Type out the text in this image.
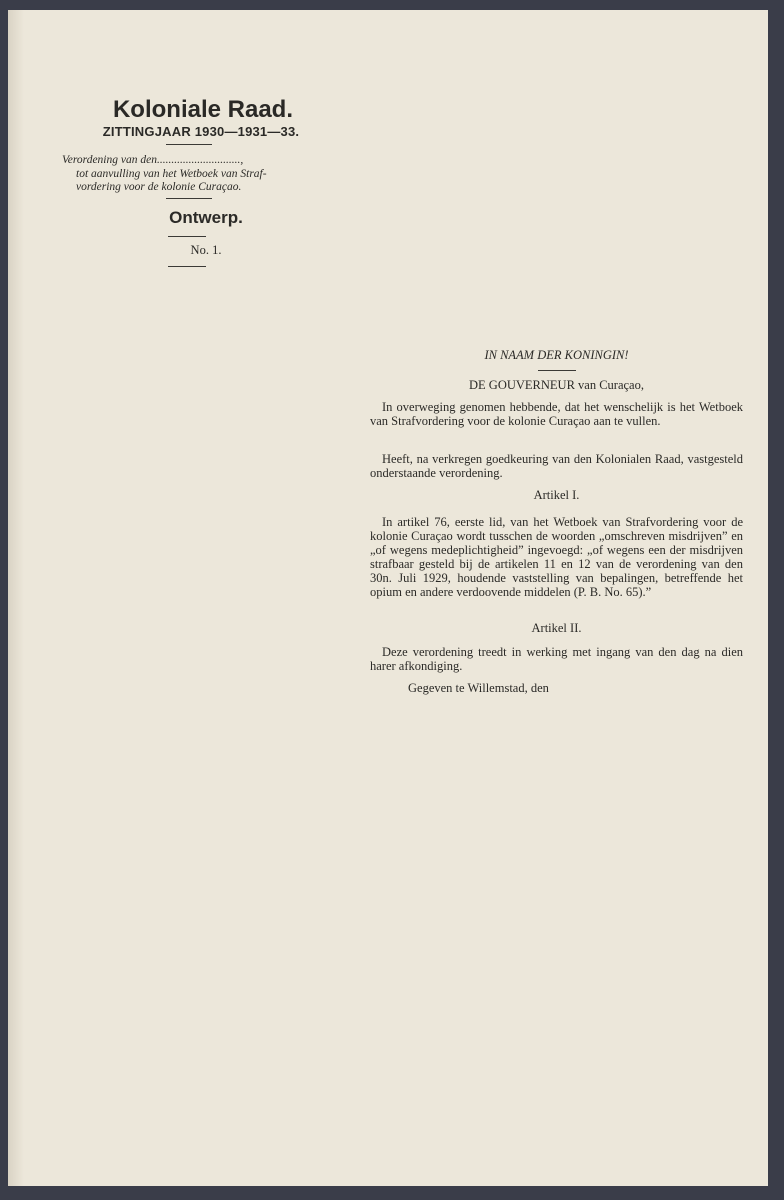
Koloniale Raad.
ZITTINGJAAR 1930—1931—33.
Verordening van den.............................,
tot aanvulling van het Wetboek van Straf-
vordering voor de kolonie Curaçao.
Ontwerp.
No. 1.
IN NAAM DER KONINGIN!
DE GOUVERNEUR van Curaçao,
In overweging genomen hebbende, dat het wenschelijk is het Wetboek van Strafvordering voor de kolonie Curaçao aan te vullen.
Heeft, na verkregen goedkeuring van den Kolonialen Raad, vastgesteld onderstaande verordening.
Artikel I.
In artikel 76, eerste lid, van het Wetboek van Strafvordering voor de kolonie Curaçao wordt tusschen de woorden „omschreven misdrijven” en „of wegens medeplichtigheid” ingevoegd: „of wegens een der misdrijven strafbaar gesteld bij de artikelen 11 en 12 van de verordening van den 30n. Juli 1929, houdende vaststelling van bepalingen, betreffende het opium en andere verdoovende middelen (P. B. No. 65).”
Artikel II.
Deze verordening treedt in werking met ingang van den dag na dien harer afkondiging.
Gegeven te Willemstad, den
